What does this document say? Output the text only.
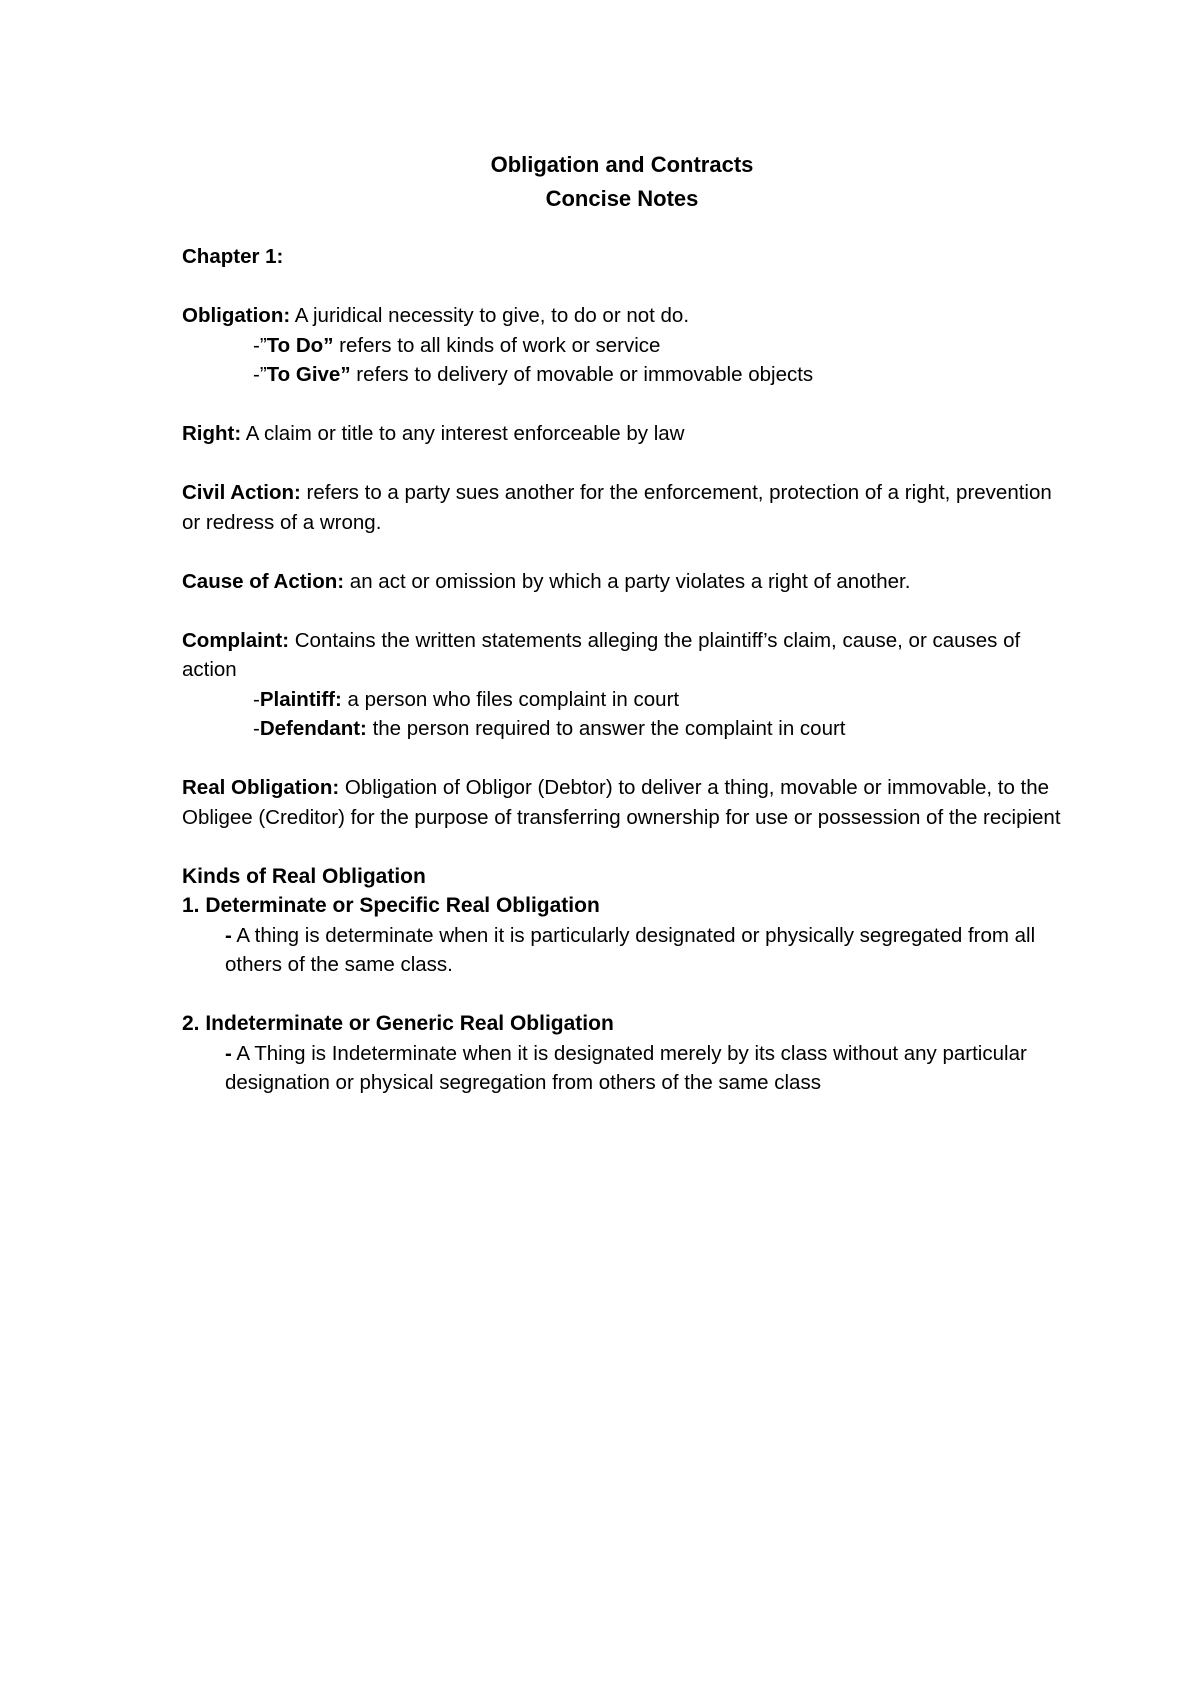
Obligation and Contracts
Concise Notes

Chapter 1:

Obligation: A juridical necessity to give, to do or not do.

-”To Do” refers to all kinds of work or service

-”To Give” refers to delivery of movable or immovable objects

Right: A claim or title to any interest enforceable by law

Civil Action: refers to a party sues another for the enforcement, protection of a right, prevention or redress of a wrong.

Cause of Action: an act or omission by which a party violates a right of another.

Complaint: Contains the written statements alleging the plaintiff’s claim, cause, or causes of action

-Plaintiff: a person who files complaint in court

-Defendant: the person required to answer the complaint in court

Real Obligation: Obligation of Obligor (Debtor) to deliver a thing, movable or immovable, to the Obligee (Creditor) for the purpose of transferring ownership for use or possession of the recipient

Kinds of Real Obligation

1. Determinate or Specific Real Obligation

- A thing is determinate when it is particularly designated or physically segregated from all others of the same class.

2. Indeterminate or Generic Real Obligation

- A Thing is Indeterminate when it is designated merely by its class without any particular designation or physical segregation from others of the same class
